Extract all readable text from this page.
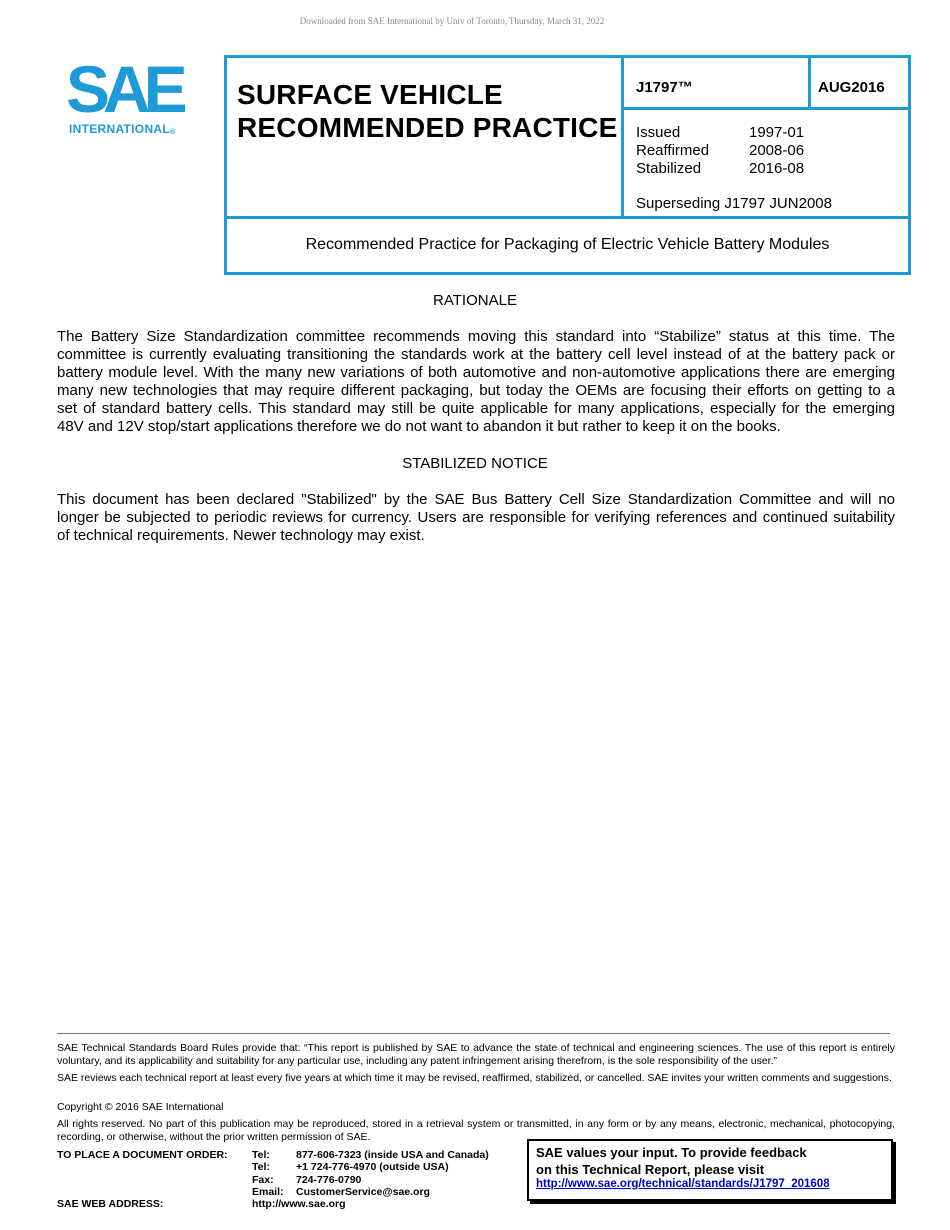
Downloaded from SAE International by Univ of Toronto, Thursday, March 31, 2022
SAE
INTERNATIONAL®
SURFACE VEHICLE
RECOMMENDED PRACTICE
J1797™	AUG2016
Issued	1997-01
Reaffirmed	2008-06
Stabilized	2016-08
Superseding J1797 JUN2008
Recommended Practice for Packaging of Electric Vehicle Battery Modules
RATIONALE
The Battery Size Standardization committee recommends moving this standard into “Stabilize” status at this time. The
committee is currently evaluating transitioning the standards work at the battery cell level instead of at the battery pack or
battery module level. With the many new variations of both automotive and non-automotive applications there are emerging
many new technologies that may require different packaging, but today the OEMs are focusing their efforts on getting to a
set of standard battery cells. This standard may still be quite applicable for many applications, especially for the emerging
48V and 12V stop/start applications therefore we do not want to abandon it but rather to keep it on the books.
STABILIZED NOTICE
This document has been declared "Stabilized" by the SAE Bus Battery Cell Size Standardization Committee and will no
longer be subjected to periodic reviews for currency. Users are responsible for verifying references and continued suitability
of technical requirements. Newer technology may exist.
SAE Technical Standards Board Rules provide that: “This report is published by SAE to advance the state of technical and engineering sciences. The use of this report is entirely voluntary, and its applicability and suitability for any particular use, including any patent infringement arising therefrom, is the sole responsibility of the user.”
SAE reviews each technical report at least every five years at which time it may be revised, reaffirmed, stabilized, or cancelled. SAE invites your written comments and suggestions.
Copyright © 2016 SAE International
All rights reserved. No part of this publication may be reproduced, stored in a retrieval system or transmitted, in any form or by any means, electronic, mechanical, photocopying, recording, or otherwise, without the prior written permission of SAE.
TO PLACE A DOCUMENT ORDER: Tel:	877-606-7323 (inside USA and Canada)
Tel:	+1 724-776-4970 (outside USA)
Fax:	724-776-0790
Email:	CustomerService@sae.org
SAE WEB ADDRESS:	http://www.sae.org
SAE values your input. To provide feedback
on this Technical Report, please visit
http://www.sae.org/technical/standards/J1797_201608
